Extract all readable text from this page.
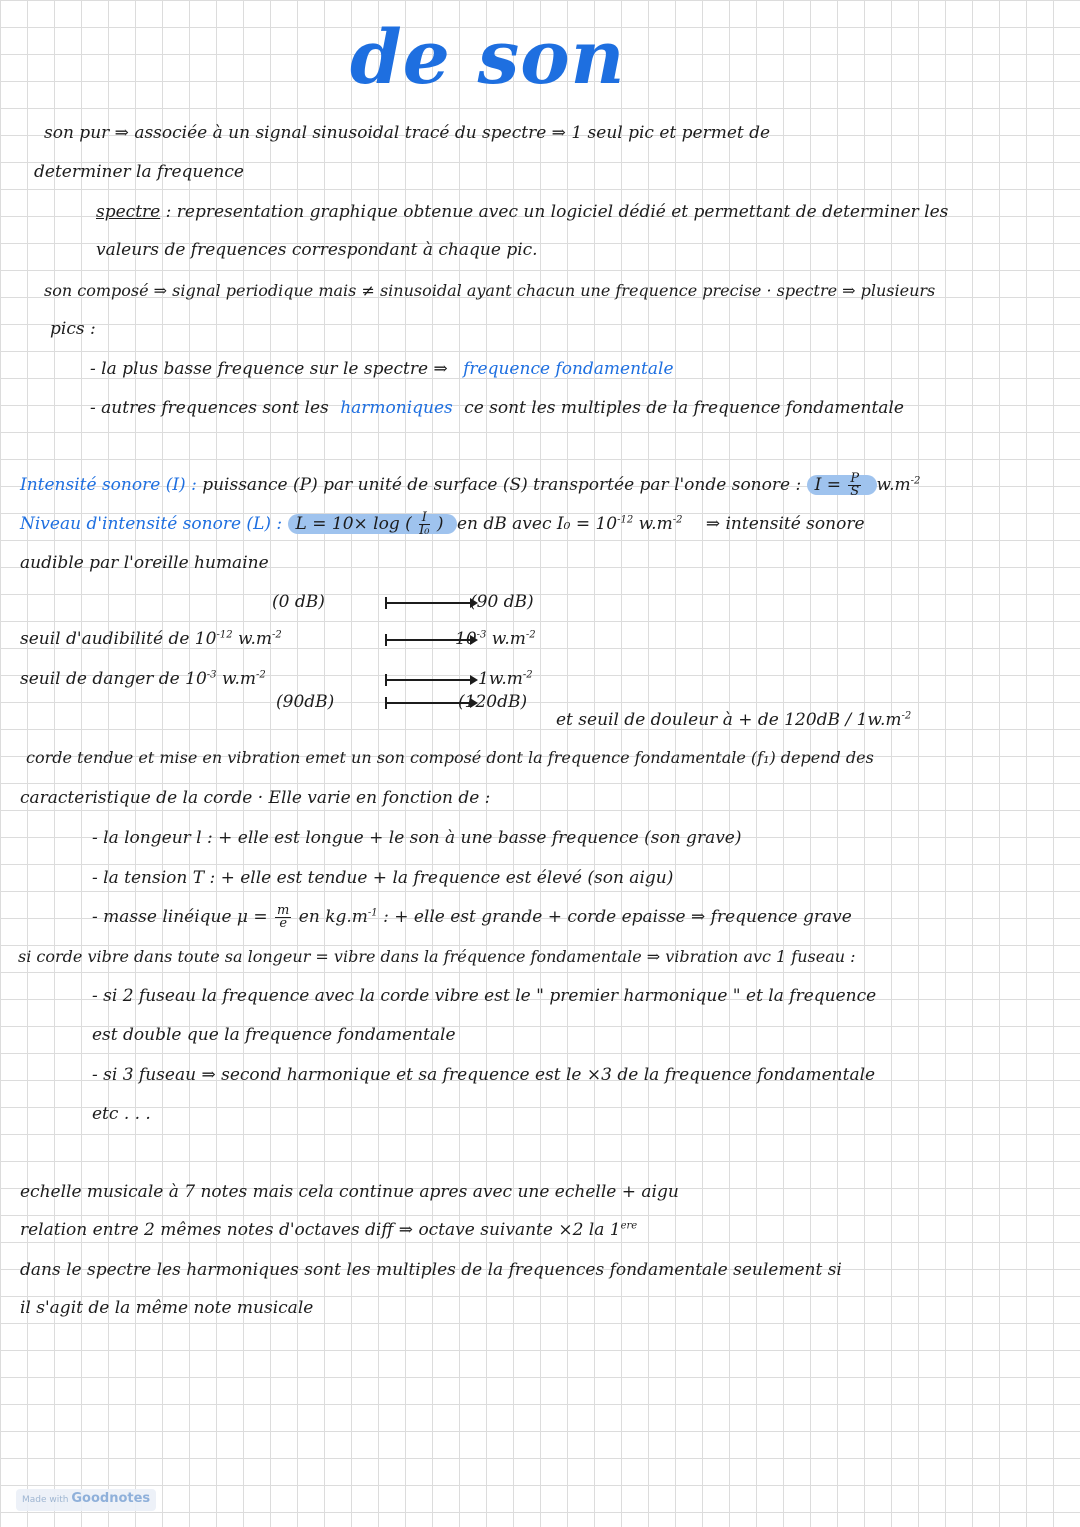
de son
son pur ⇒ associée à un signal sinusoidal tracé du spectre ⇒ 1 seul pic et permet de
determiner la frequence
spectre : representation graphique obtenue avec un logiciel dédié et permettant de determiner les
valeurs de frequences correspondant à chaque pic.
son composé ⇒ signal periodique mais ≠ sinusoidal ayant chacun une frequence precise · spectre ⇒ plusieurs
pics :
- la plus basse frequence sur le spectre ⇒ frequence fondamentale
- autres frequences sont les harmoniques ce sont les multiples de la frequence fondamentale
Intensité sonore (I) : puissance (P) par unité de surface (S) transportée par l'onde sonore : $I = \frac{P}{S} w.m^{-2}$
Niveau d'intensité sonore (L) : L = 10× log ( $\frac{I}{\text{I₀}}$ ) en dB avec $I_0 = 10^{-12}$ $w.m^{-2}$ ⇒ intensité sonore
audible par l'oreille humaine
(0 dB)	(90 dB)
seuil d'audibilité de $10^{-12}$ $w.m^{-2}$	$10^{-3}$ $w.m^{-2}$
seuil de danger de $10^{-3}$ $w.m^{-2}$	$1w.m^{-2}$
(90dB)	(120dB)
et seuil de douleur à + de $120dB / 1w.m^{-2}$
corde tendue et mise en vibration emet un son composé dont la frequence fondamentale (f₁) depend des
caracteristique de la corde · Elle varie en fonction de :
- la longeur l : + elle est longue + le son à une basse frequence (son grave)
- la tension T : + elle est tendue + la frequence est élevé (son aigu)
- masse linéique $\mu = \frac{m}{e}$ en $kg.m^{-1}$ : + elle est grande + corde epaisse ⇒ frequence grave
si corde vibre dans toute sa longeur = vibre dans la fréquence fondamentale ⇒ vibration avc 1 fuseau :
- si 2 fuseau la frequence avec la corde vibre est le " premier harmonique " et la frequence
est double que la frequence fondamentale
- si 3 fuseau ⇒ second harmonique et sa frequence est le ×3 de la frequence fondamentale
etc . . .
echelle musicale à 7 notes mais cela continue apres avec une echelle + aigu
relation entre 2 mêmes notes d'octaves diff ⇒ octave suivante ×2 la 1ere
dans le spectre les harmoniques sont les multiples de la frequences fondamentale seulement si
il s'agit de la même note musicale
Made with Goodnotes
